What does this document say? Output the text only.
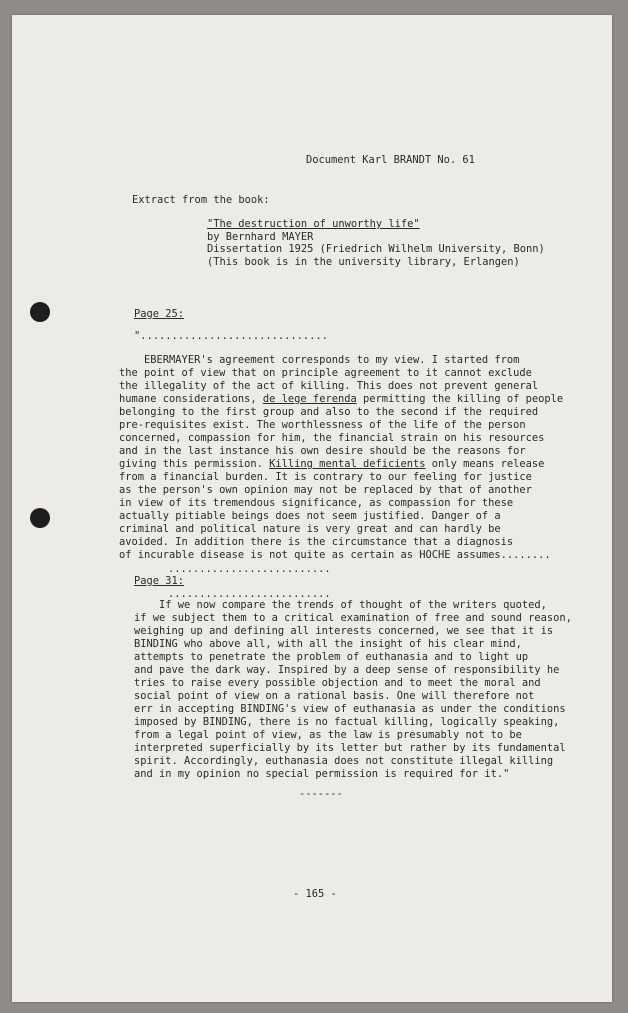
Document Karl BRANDT No. 61
Extract from the book:
"The destruction of unworthy life"
by Bernhard MAYER
Dissertation 1925 (Friedrich Wilhelm University, Bonn)
(This book is in the university library, Erlangen)
Page 25:
"..............................
EBERMAYER's agreement corresponds to my view. I started from
the point of view that on principle agreement to it cannot exclude
the illegality of the act of killing. This does not prevent general
humane considerations, de lege ferenda permitting the killing of people
belonging to the first group and also to the second if the required
pre-requisites exist. The worthlessness of the life of the person
concerned, compassion for him, the financial strain on his resources
and in the last instance his own desire should be the reasons for
giving this permission. Killing mental deficients only means release
from a financial burden. It is contrary to our feeling for justice
as the person's own opinion may not be replaced by that of another
in view of its tremendous significance, as compassion for these
actually pitiable beings does not seem justified. Danger of a
criminal and political nature is very great and can hardly be
avoided. In addition there is the circumstance that a diagnosis
of incurable disease is not quite as certain as HOCHE assumes........
..........................
Page 31:
..........................
If we now compare the trends of thought of the writers quoted,
if we subject them to a critical examination of free and sound reason,
weighing up and defining all interests concerned, we see that it is
BINDING who above all, with all the insight of his clear mind,
attempts to penetrate the problem of euthanasia and to light up
and pave the dark way. Inspired by a deep sense of responsibility he
tries to raise every possible objection and to meet the moral and
social point of view on a rational basis. One will therefore not
err in accepting BINDING's view of euthanasia as under the conditions
imposed by BINDING, there is no factual killing, logically speaking,
from a legal point of view, as the law is presumably not to be
interpreted superficially by its letter but rather by its fundamental
spirit. Accordingly, euthanasia does not constitute illegal killing
and in my opinion no special permission is required for it."
-------
- 165 -
